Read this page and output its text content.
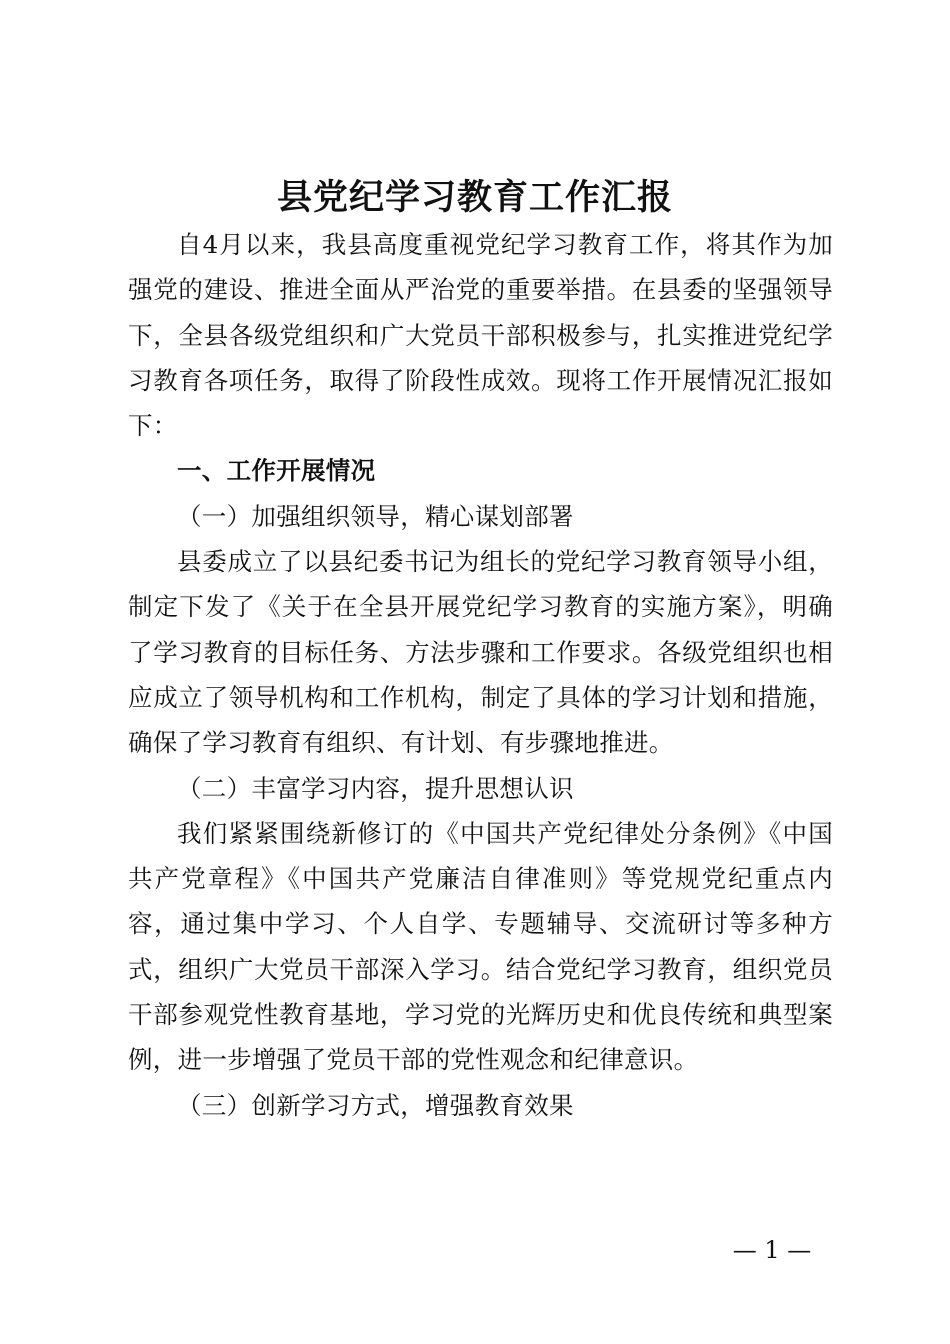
县党纪学习教育工作汇报

自4月以来，我县高度重视党纪学习教育工作，将其作为加强党的建设、推进全面从严治党的重要举措。在县委的坚强领导下，全县各级党组织和广大党员干部积极参与，扎实推进党纪学习教育各项任务，取得了阶段性成效。现将工作开展情况汇报如下：

一、工作开展情况

（一）加强组织领导，精心谋划部署

县委成立了以县纪委书记为组长的党纪学习教育领导小组，制定下发了《关于在全县开展党纪学习教育的实施方案》，明确了学习教育的目标任务、方法步骤和工作要求。各级党组织也相应成立了领导机构和工作机构，制定了具体的学习计划和措施，确保了学习教育有组织、有计划、有步骤地推进。

（二）丰富学习内容，提升思想认识

我们紧紧围绕新修订的《中国共产党纪律处分条例》《中国共产党章程》《中国共产党廉洁自律准则》等党规党纪重点内容，通过集中学习、个人自学、专题辅导、交流研讨等多种方式，组织广大党员干部深入学习。结合党纪学习教育，组织党员干部参观党性教育基地，学习党的光辉历史和优良传统和典型案例，进一步增强了党员干部的党性观念和纪律意识。

（三）创新学习方式，增强教育效果

— 1 —
